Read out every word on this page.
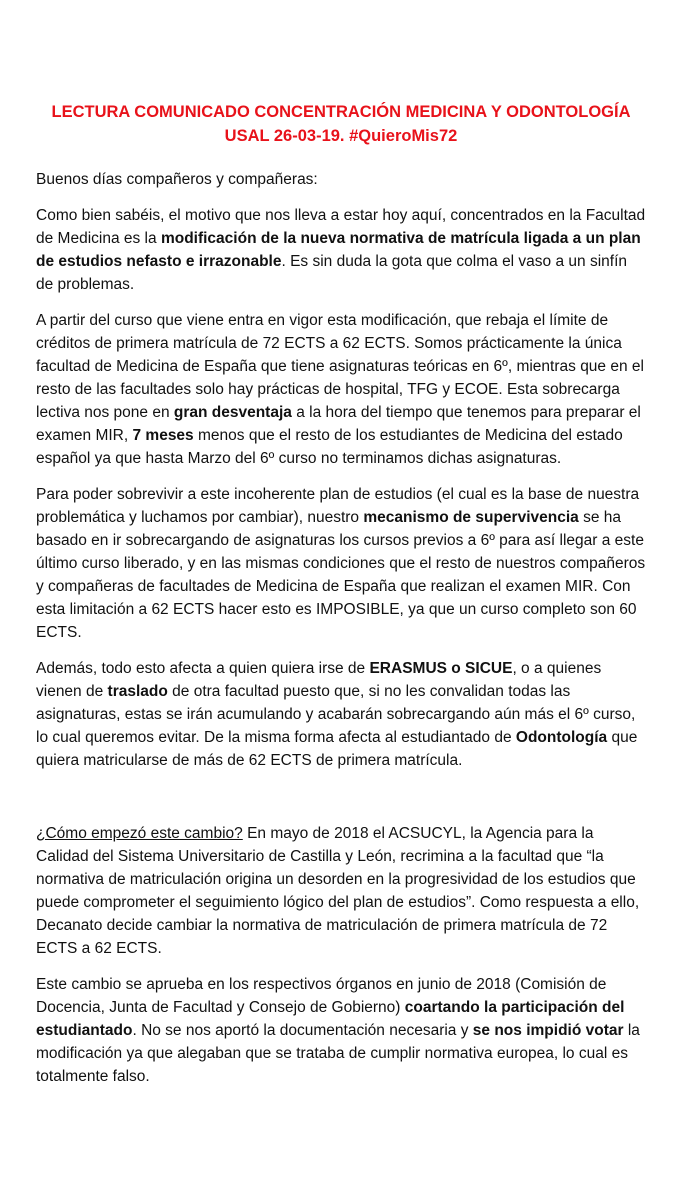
LECTURA COMUNICADO CONCENTRACIÓN MEDICINA Y ODONTOLOGÍA
USAL 26-03-19. #QuieroMis72

Buenos días compañeros y compañeras:

Como bien sabéis, el motivo que nos lleva a estar hoy aquí, concentrados en la Facultad de Medicina es la modificación de la nueva normativa de matrícula ligada a un plan de estudios nefasto e irrazonable. Es sin duda la gota que colma el vaso a un sinfín de problemas.

A partir del curso que viene entra en vigor esta modificación, que rebaja el límite de créditos de primera matrícula de 72 ECTS a 62 ECTS. Somos prácticamente la única facultad de Medicina de España que tiene asignaturas teóricas en 6º, mientras que en el resto de las facultades solo hay prácticas de hospital, TFG y ECOE. Esta sobrecarga lectiva nos pone en gran desventaja a la hora del tiempo que tenemos para preparar el examen MIR, 7 meses menos que el resto de los estudiantes de Medicina del estado español ya que hasta Marzo del 6º curso no terminamos dichas asignaturas.

Para poder sobrevivir a este incoherente plan de estudios (el cual es la base de nuestra problemática y luchamos por cambiar), nuestro mecanismo de supervivencia se ha basado en ir sobrecargando de asignaturas los cursos previos a 6º para así llegar a este último curso liberado, y en las mismas condiciones que el resto de nuestros compañeros y compañeras de facultades de Medicina de España que realizan el examen MIR. Con esta limitación a 62 ECTS hacer esto es IMPOSIBLE, ya que un curso completo son 60 ECTS.

Además, todo esto afecta a quien quiera irse de ERASMUS o SICUE, o a quienes vienen de traslado de otra facultad puesto que, si no les convalidan todas las asignaturas, estas se irán acumulando y acabarán sobrecargando aún más el 6º curso, lo cual queremos evitar. De la misma forma afecta al estudiantado de Odontología que quiera matricularse de más de 62 ECTS de primera matrícula.

¿Cómo empezó este cambio? En mayo de 2018 el ACSUCYL, la Agencia para la Calidad del Sistema Universitario de Castilla y León, recrimina a la facultad que “la normativa de matriculación origina un desorden en la progresividad de los estudios que puede comprometer el seguimiento lógico del plan de estudios”. Como respuesta a ello, Decanato decide cambiar la normativa de matriculación de primera matrícula de 72 ECTS a 62 ECTS.

Este cambio se aprueba en los respectivos órganos en junio de 2018 (Comisión de Docencia, Junta de Facultad y Consejo de Gobierno) coartando la participación del estudiantado. No se nos aportó la documentación necesaria y se nos impidió votar la modificación ya que alegaban que se trataba de cumplir normativa europea, lo cual es totalmente falso.
